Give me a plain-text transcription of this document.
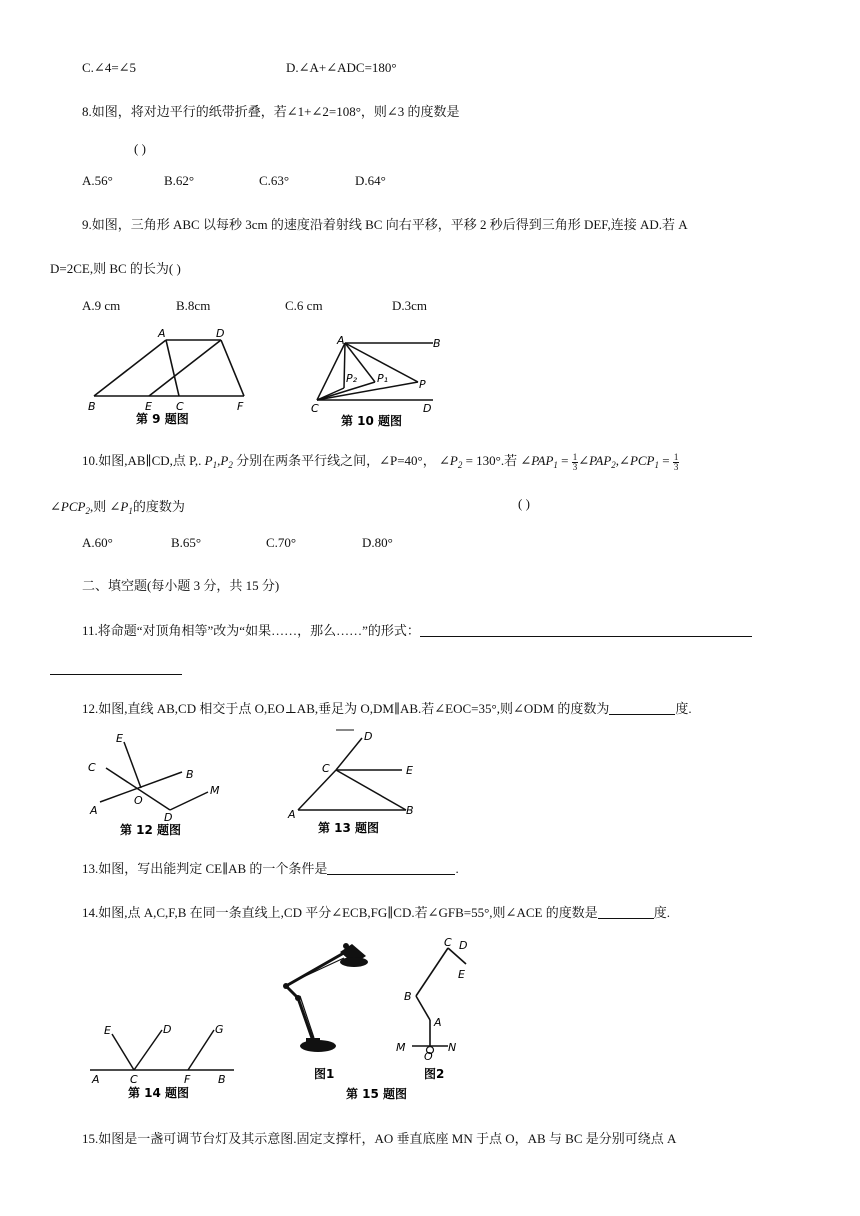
C.∠4=∠5	D.∠A+∠ADC=180°
8.如图，将对边平行的纸带折叠，若∠1+∠2=108°，则∠3 的度数是
( )
A.56°	B.62°	C.63°	D.64°
9.如图，三角形 ABC 以每秒 3cm 的速度沿着射线 BC 向右平移，平移 2 秒后得到三角形 DEF,连接 AD.若 A
D=2CE,则 BC 的长为( )
A.9 cm	B.8cm	C.6 cm	D.3cm
A	D
B	E C	F
第 9 题图
A	B
P₂ P₁	P
C	D
第 10 题图
10.如图,AB∥CD,点 P,. $P_1,P_2$ 分别在两条平行线之间，∠P=40°， $\angle P_2 = 130^\circ$.若 $\angle PAP_1 = \frac{1}{3}$ $\angle PAP_2,\angle PCP_1 = \frac{1}{3}$
$\angle PCP_2$,则 $\angle P_1$的度数为	( )
A.60°	B.65°	C.70°	D.80°
二、填空题(每小题 3 分，共 15 分)
11.将命题“对顶角相等”改为“如果……，那么……”的形式：
12.如图,直线 AB,CD 相交于点 O,EO⊥AB,垂足为 O,DM∥AB.若∠EOC=35°,则∠ODM 的度数为	度.
E
C
B
O
M
A
D
第 12 题图
D
C	E
A	B
第 13 题图
13.如图，写出能判定 CE∥AB 的一个条件是	.
14.如图,点 A,C,F,B 在同一条直线上,CD 平分∠ECB,FG∥CD.若∠GFB=55°,则∠ACE 的度数是	度.
E	D	G
A	C	F	B
第 14 题图
图1
C D
E
B
A
M
O
N
图2
第 15 题图
15.如图是一盏可调节台灯及其示意图.固定支撑杆，AO 垂直底座 MN 于点 O，AB 与 BC 是分别可绕点 A
